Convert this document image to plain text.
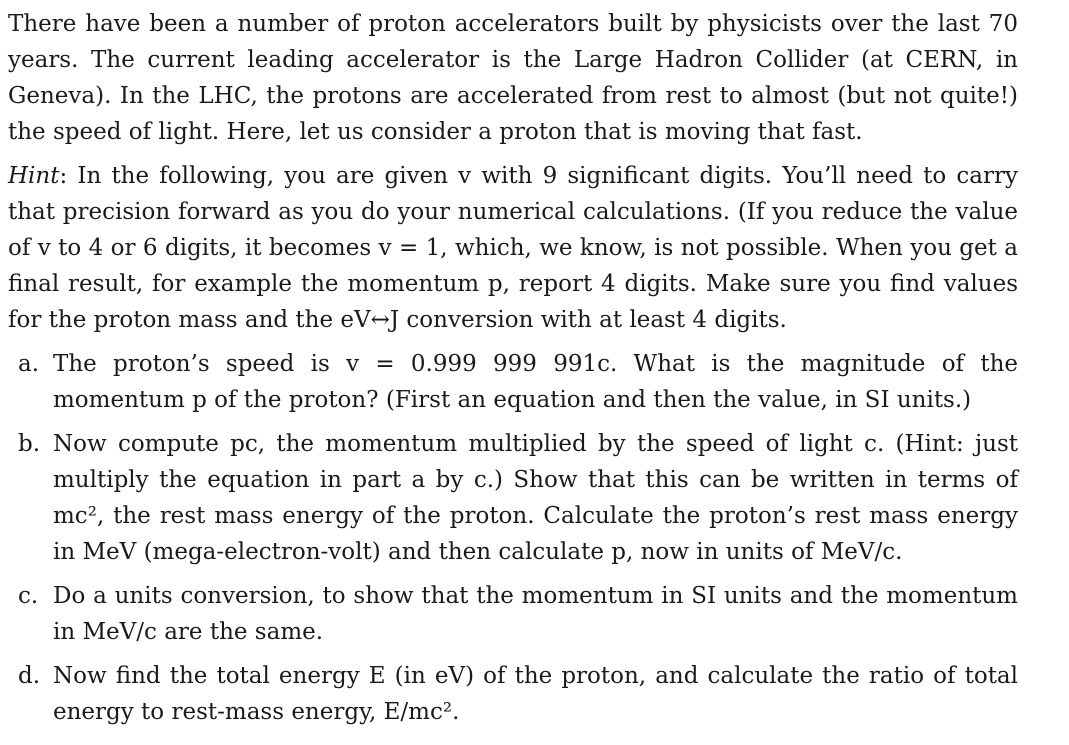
There have been a number of proton accelerators built by physicists over the last 70 years. The current leading accelerator is the Large Hadron Collider (at CERN, in Geneva). In the LHC, the protons are accelerated from rest to almost (but not quite!) the speed of light. Here, let us consider a proton that is moving that fast.

Hint: In the following, you are given v with 9 significant digits. You’ll need to carry that precision forward as you do your numerical calculations. (If you reduce the value of v to 4 or 6 digits, it becomes v = 1, which, we know, is not possible. When you get a final result, for example the momentum p, report 4 digits. Make sure you find values for the proton mass and the eV↔J conversion with at least 4 digits.

a. The proton’s speed is v = 0.999 999 991c. What is the magnitude of the momentum p of the proton? (First an equation and then the value, in SI units.)
b. Now compute pc, the momentum multiplied by the speed of light c. (Hint: just multiply the equation in part a by c.) Show that this can be written in terms of mc², the rest mass energy of the proton. Calculate the proton’s rest mass energy in MeV (mega-electron-volt) and then calculate p, now in units of MeV/c.
c. Do a units conversion, to show that the momentum in SI units and the momentum in MeV/c are the same.
d. Now find the total energy E (in eV) of the proton, and calculate the ratio of total energy to rest-mass energy, E/mc².
